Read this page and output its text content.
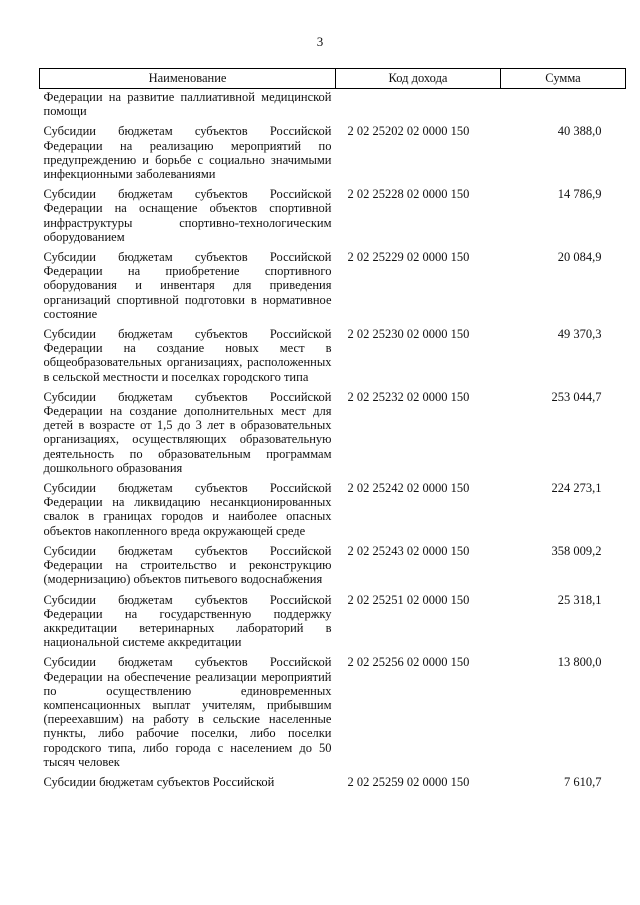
3
Наименование	Код дохода	Сумма
Федерации на развитие паллиативной медицинской помощи		
Субсидии бюджетам субъектов Российской Федерации на реализацию мероприятий по предупреждению и борьбе с социально значимыми инфекционными заболеваниями	2 02 25202 02 0000 150	40 388,0
Субсидии бюджетам субъектов Российской Федерации на оснащение объектов спортивной инфраструктуры спортивно-технологическим оборудованием	2 02 25228 02 0000 150	14 786,9
Субсидии бюджетам субъектов Российской Федерации на приобретение спортивного оборудования и инвентаря для приведения организаций спортивной подготовки в нормативное состояние	2 02 25229 02 0000 150	20 084,9
Субсидии бюджетам субъектов Российской Федерации на создание новых мест в общеобразовательных организациях, расположенных в сельской местности и поселках городского типа	2 02 25230 02 0000 150	49 370,3
Субсидии бюджетам субъектов Российской Федерации на создание дополнительных мест для детей в возрасте от 1,5 до 3 лет в образовательных организациях, осуществляющих образовательную деятельность по образовательным программам дошкольного образования	2 02 25232 02 0000 150	253 044,7
Субсидии бюджетам субъектов Российской Федерации на ликвидацию несанкционированных свалок в границах городов и наиболее опасных объектов накопленного вреда окружающей среде	2 02 25242 02 0000 150	224 273,1
Субсидии бюджетам субъектов Российской Федерации на строительство и реконструкцию (модернизацию) объектов питьевого водоснабжения	2 02 25243 02 0000 150	358 009,2
Субсидии бюджетам субъектов Российской Федерации на государственную поддержку аккредитации ветеринарных лабораторий в национальной системе аккредитации	2 02 25251 02 0000 150	25 318,1
Субсидии бюджетам субъектов Российской Федерации на обеспечение реализации мероприятий по осуществлению единовременных компенсационных выплат учителям, прибывшим (переехавшим) на работу в сельские населенные пункты, либо рабочие поселки, либо поселки городского типа, либо города с населением до 50 тысяч человек	2 02 25256 02 0000 150	13 800,0
Субсидии бюджетам субъектов Российской	2 02 25259 02 0000 150	7 610,7
